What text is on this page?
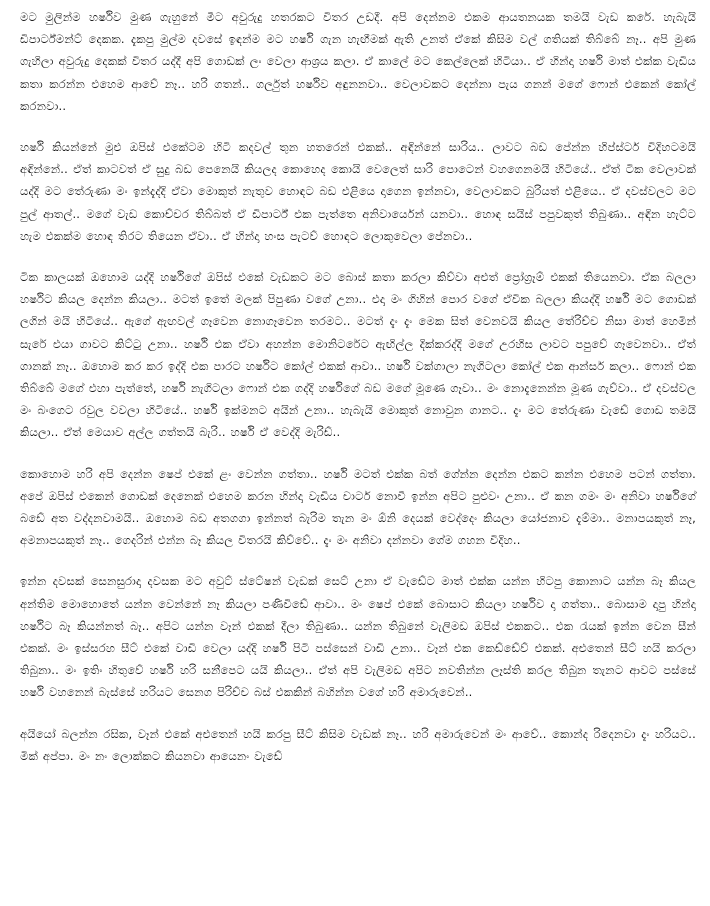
මට මුලින්ම හර්ෂිව මුණ ගැහුනේ මීට අවුරුදු හතරකට විතර උඩදී. අපි දෙන්නම එකම ආයතනයක තමයි වැඩ කරේ. හැබැයි ඩිපාර්ට්මන්ට් දෙකක. දැකපු මුල්ම දවසේ ඉඳන්ම මට හර්ෂි ගැන හැඟීමක් ඇති උනත් ඒකේ කිසිම වල් ගතියක් තිබ්බේ නෑ.. අපි මුණ ගැහිලා අවුරුදු දෙකක් විතර යද්දී අපි ගොඩක් ලං වෙලා ආශ්‍රය කලා. ඒ කාලේ මට කෙල්ලෙක් හිටියා.. ඒ හින්දා හර්ෂි මාත් එක්ක වැඩිය කතා කරන්න එහෙම ආවේ නෑ.. හරි ගතන්.. ගර්ලුත් හර්ෂිව අඳුනනවා.. වෙලාවකට දෙන්නා පැය ගනන් මගේ ෆොන් එකෙන් කෝල් කරනවා..

හර්ෂි කියන්නේ මුළු ඔපිස් එකේටම හිටි කදවල් තුන හතරෙන් එකක්.. අඳින්නේ සාරිය.. ලාවට බඩ පේන්න හිප්ස්ටර් විදිහටමයි අඳින්නේ.. ඒත් කාටවත් ඒ සුදු බඩ පෙනෙයි කියලද කොහෙද කොයි වෙලෙත් සාරි පොටෙන් වහගෙනමයි හිටියේ.. ඒත් ටික වෙලාවක් යද්දි මට තේරුණා මං ඉන්දැද්දි ඒවා මොකුත් නැතුව හොඳට බඩ එළියෙ දාගෙන ඉන්නවා, වෙලාවකට බුරියත් එළියෙ.. ඒ දවස්වලට මට පුල් ආතල්.. මගේ වැඩ කොච්චර තිබ්බත් ඒ ඩිපාර්ට් එක පැත්තෙ අනිවාර්යෙන් යනවා.. හොඳ සයිස් පපුවකුත් තිබුණා.. අඳින හැට්ට හැම එකක්ම හොඳ තිරට තියෙන ඒවා.. ඒ හින්දා හංස පැටව් හොඳට ලොකුවෙලා පේනවා..

ටික කාලයක් ඔහොම යද්දි හර්ෂිගේ ඔපිස් එකේ වැඩකට මට බොස් කතා කරලා කිව්වා අළුත් ප්‍රෝග්‍රෑම් එකක් තියෙනවා. ඒක බලලා හර්ෂිට කියල දෙන්න කියලා.. මටත් ඉතේ මලක් පිපුණා වගේ උනා.. එදා මං ගිහින් පොර වගේ ඒවික බලලා කියද්දි හර්ෂි මට ගොඩක් ලගින් මයි හිටියේ.. ඇගේ ඇඟවල් ගෑවෙන නොගෑවෙන තරමට.. මටත් දැං දැං මෙක සිත් වෙනවයි කියල තේරිච්ච නිසා මාත් හෙමින් සැරේ එයා ගාවට කිට්ටු උනා.. හර්ෂි එක ඒවා අහන්න මොනිටරේට ඇඟිල්ල දික්කරද්දි මගේ උරහිස ලාවට පපුවේ ගෑවෙනවා.. ඒත් ගානක් නෑ.. ඔහොම කර කර ඉද්දි එක පාරට හර්ෂිට කෝල් එකක් ආවා.. හර්ෂි වක්ගාලා නැගිටලා කෝල් එක ආන්සර් කලා.. ෆොන් එක තිබ්බේ මගේ එහා පැත්තේ, හර්ෂි නැගිටලා ෆොන් එක ගද්දි හර්ෂිගේ බඩ මගේ මූණෙ ගෑවා.. මං නොදැනෙන්න මූණ ගැව්වා.. ඒ දවස්වල මං බංගෙට රවුල වවලා හිටියේ.. හර්ෂි ඉක්මනට අයින් උනා.. හැබැයි මොකුත් නොවුන ගානට.. දැං මට තේරුණා වැඩේ ගොඩ තමයි කියලා.. ඒත් මෙයාව අල්ල ගත්තයි බැරි.. හර්ෂි ඒ වෙද්දි මැරිඩ්..

කොහොම හරි අපි දෙන්න ෂෙප් එකේ ළං වෙන්න ගත්තා.. හර්ෂි මටත් එක්ක බත් ගේන්න දෙන්න එකට කන්න එහෙම පටන් ගත්තා. අපේ ඔපිස් එකෙන් ගොඩක් දෙනෙක් එහෙම කරන හින්දා වැඩිය චාටර් නොවී ඉන්න අපිට පුළුවං උනා.. ඒ කන ගමං මං අනිවා හර්ෂිගේ බඩේ අත වද්දනවාමයි.. ඔහොම බඩ අතගගා ඉන්නත් බැරිම තැන මං ඕනි දෙයක් වෙද්දෙං කියලා යෝජනාව දැම්මා.. මනාපයකුත් නෑ, අමනාපයකුත් නෑ.. ගෙදරින් එන්න බෑ කියල විතරයි කිව්වේ.. දැං මං අනිවා දන්නවා ගේම ගහන විදිහ..

ඉන්න දවසක් සෙනසුරාදා දවසක මට අවුට් ස්ටේෂන් වැඩක් සෙට් උනා ඒ වැඩේට මාත් එක්ක යන්න හිටපු කොනාට යන්න බෑ කියල අන්තිම මොහොතේ යන්න වෙන්නේ නෑ කියලා පණිවිඩේ ආවා.. මං ෂෙප් එකේ බොසාට කියලා හර්ෂිව දා ගත්තා.. බොසාම දාපු හින්දා හර්ෂිට බෑ කියන්නත් බෑ.. අපිට යන්න වෑන් එකක් දීලා තිබුණා.. යන්න තිබුනේ වැලිමඩ ඔපිස් එකකට.. එක රැයක් ඉන්න වෙන සීන් එකක්. මං ඉස්සරහ සීට් එකේ වාඩි වෙලා යද්දි හර්ෂි පිටි පස්සෙන් වාඩි උනා.. වෑන් එක කෙඩ්ඩේව් එකක්. අළුතෙන් සීට් හයි කරලා තිබුනා.. මං ඉතිං හිතුවේ හර්ෂි හරි සනීපෙට යයි කියලා.. ඒත් අපි වැලිමඩ අපිට නවතින්න ලෑස්ති කරල තිබුන තැනට ආවට පස්සේ හර්ෂි වහනෙන් බැස්සේ හරියට සෙනග පිරිච්ච බස් එකකින් බහින්න වගේ හරි අමාරුවෙන්..

අයියෝ බලන්න රසික, වෑන් එකේ අළුතෙන් හයි කරපු සීට් කිසිම වැඩක් නෑ.. හරි අමාරුවෙන් මං ආවේ.. කොන්ද රිදෙනවා දැං හරියට.. මික් අප්පා. මං නං ලොක්කට කියනවා ආයෙනං වැඩේ
